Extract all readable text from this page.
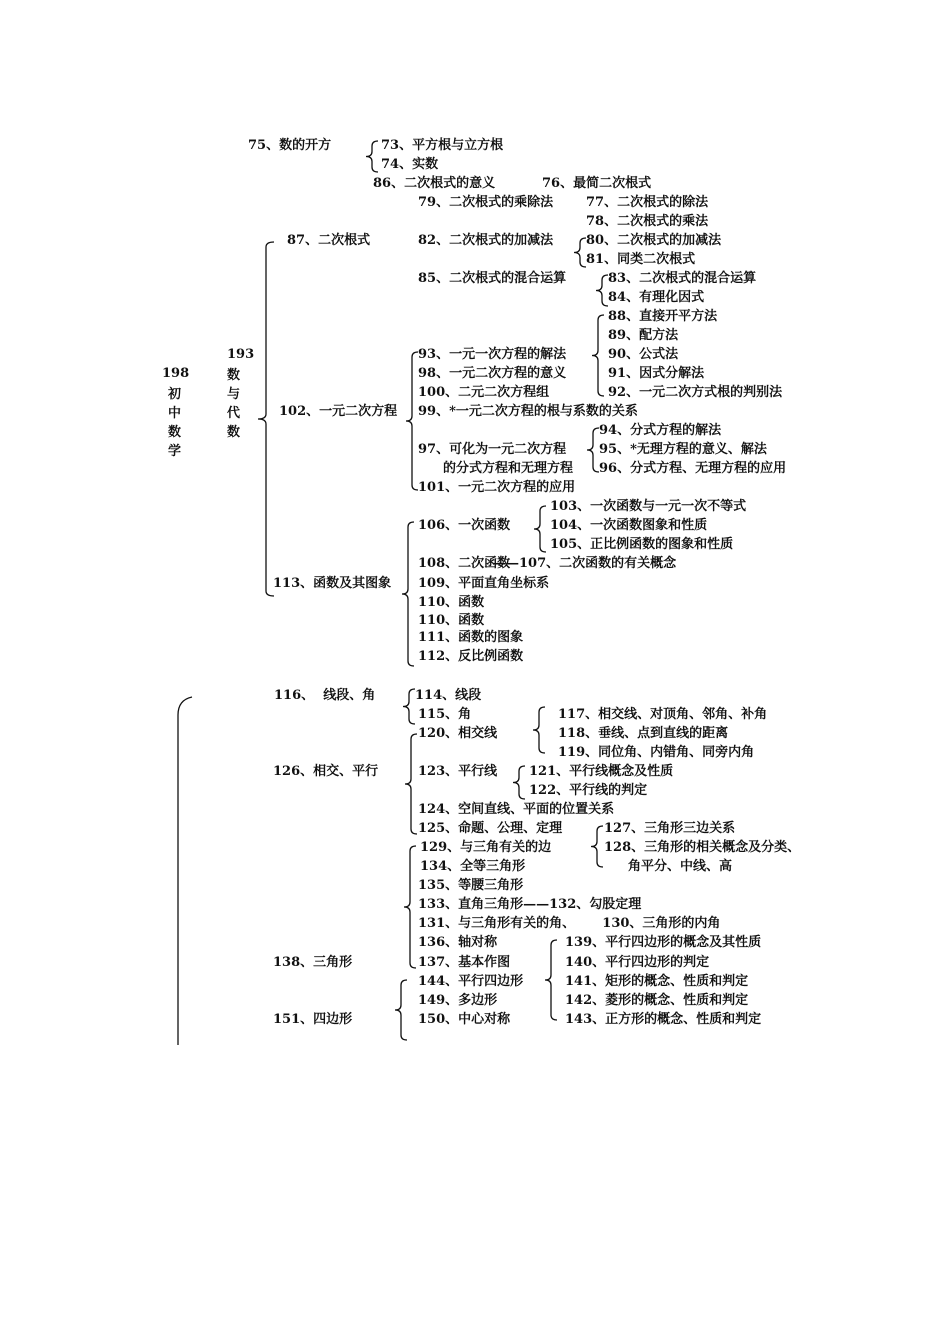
75、数的开方	73、平方根与立方根
74、实数
86、二次根式的意义	76、最简二次根式
79、二次根式的乘除法	77、二次根式的除法
78、二次根式的乘法
87、二次根式	82、二次根式的加减法	80、二次根式的加减法
81、同类二次根式
85、二次根式的混合运算	83、二次根式的混合运算
84、有理化因式
88、直接开平方法
89、配方法
193	90、公式法
93、一元一次方程的解法
198	98、一元二次方程的意义	91、因式分解法
100、二元二次方程组	92、一元二次方式根的判别法
102、一元二次方程 99、*一元二次方程的根与系数的关系
94、分式方程的解法
97、可化为一元二次方程	95、*无理方程的意义、解法
的分式方程和无理方程 96、分式方程、无理方程的应用
101、一元二次方程的应用
103、一次函数与一元一次不等式
106、一次函数	104、一次函数图象和性质
105、正比例函数的图象和性质
108、二次函数
——107、二次函数的有关概念
113、函数及其图象 109、平面直角坐标系
110、函数
110、函数
111、函数的图象
112、反比例函数
116、  线段、角	114、线段
115、角	117、相交线、对顶角、邻角、补角
120、相交线	118、垂线、点到直线的距离
119、同位角、内错角、同旁内角
126、相交、平行	123、平行线 121、平行线概念及性质
122、平行线的判定
124、空间直线、平面的位置关系
125、命题、公理、定理	127、三角形三边关系
129、与三角有关的边	128、三角形的相关概念及分类、
134、全等三角形	角平分、中线、高
135、等腰三角形
133、直角三角形——132、勾股定理
131、与三角形有关的角、      130、三角形的内角
136、轴对称	139、平行四边形的概念及其性质
138、三角形	137、基本作图	140、平行四边形的判定
144、平行四边形	141、矩形的概念、性质和判定
149、多边形	142、菱形的概念、性质和判定
151、四边形	150、中心对称	143、正方形的概念、性质和判定
初
中
数
学
数
与
代
数
